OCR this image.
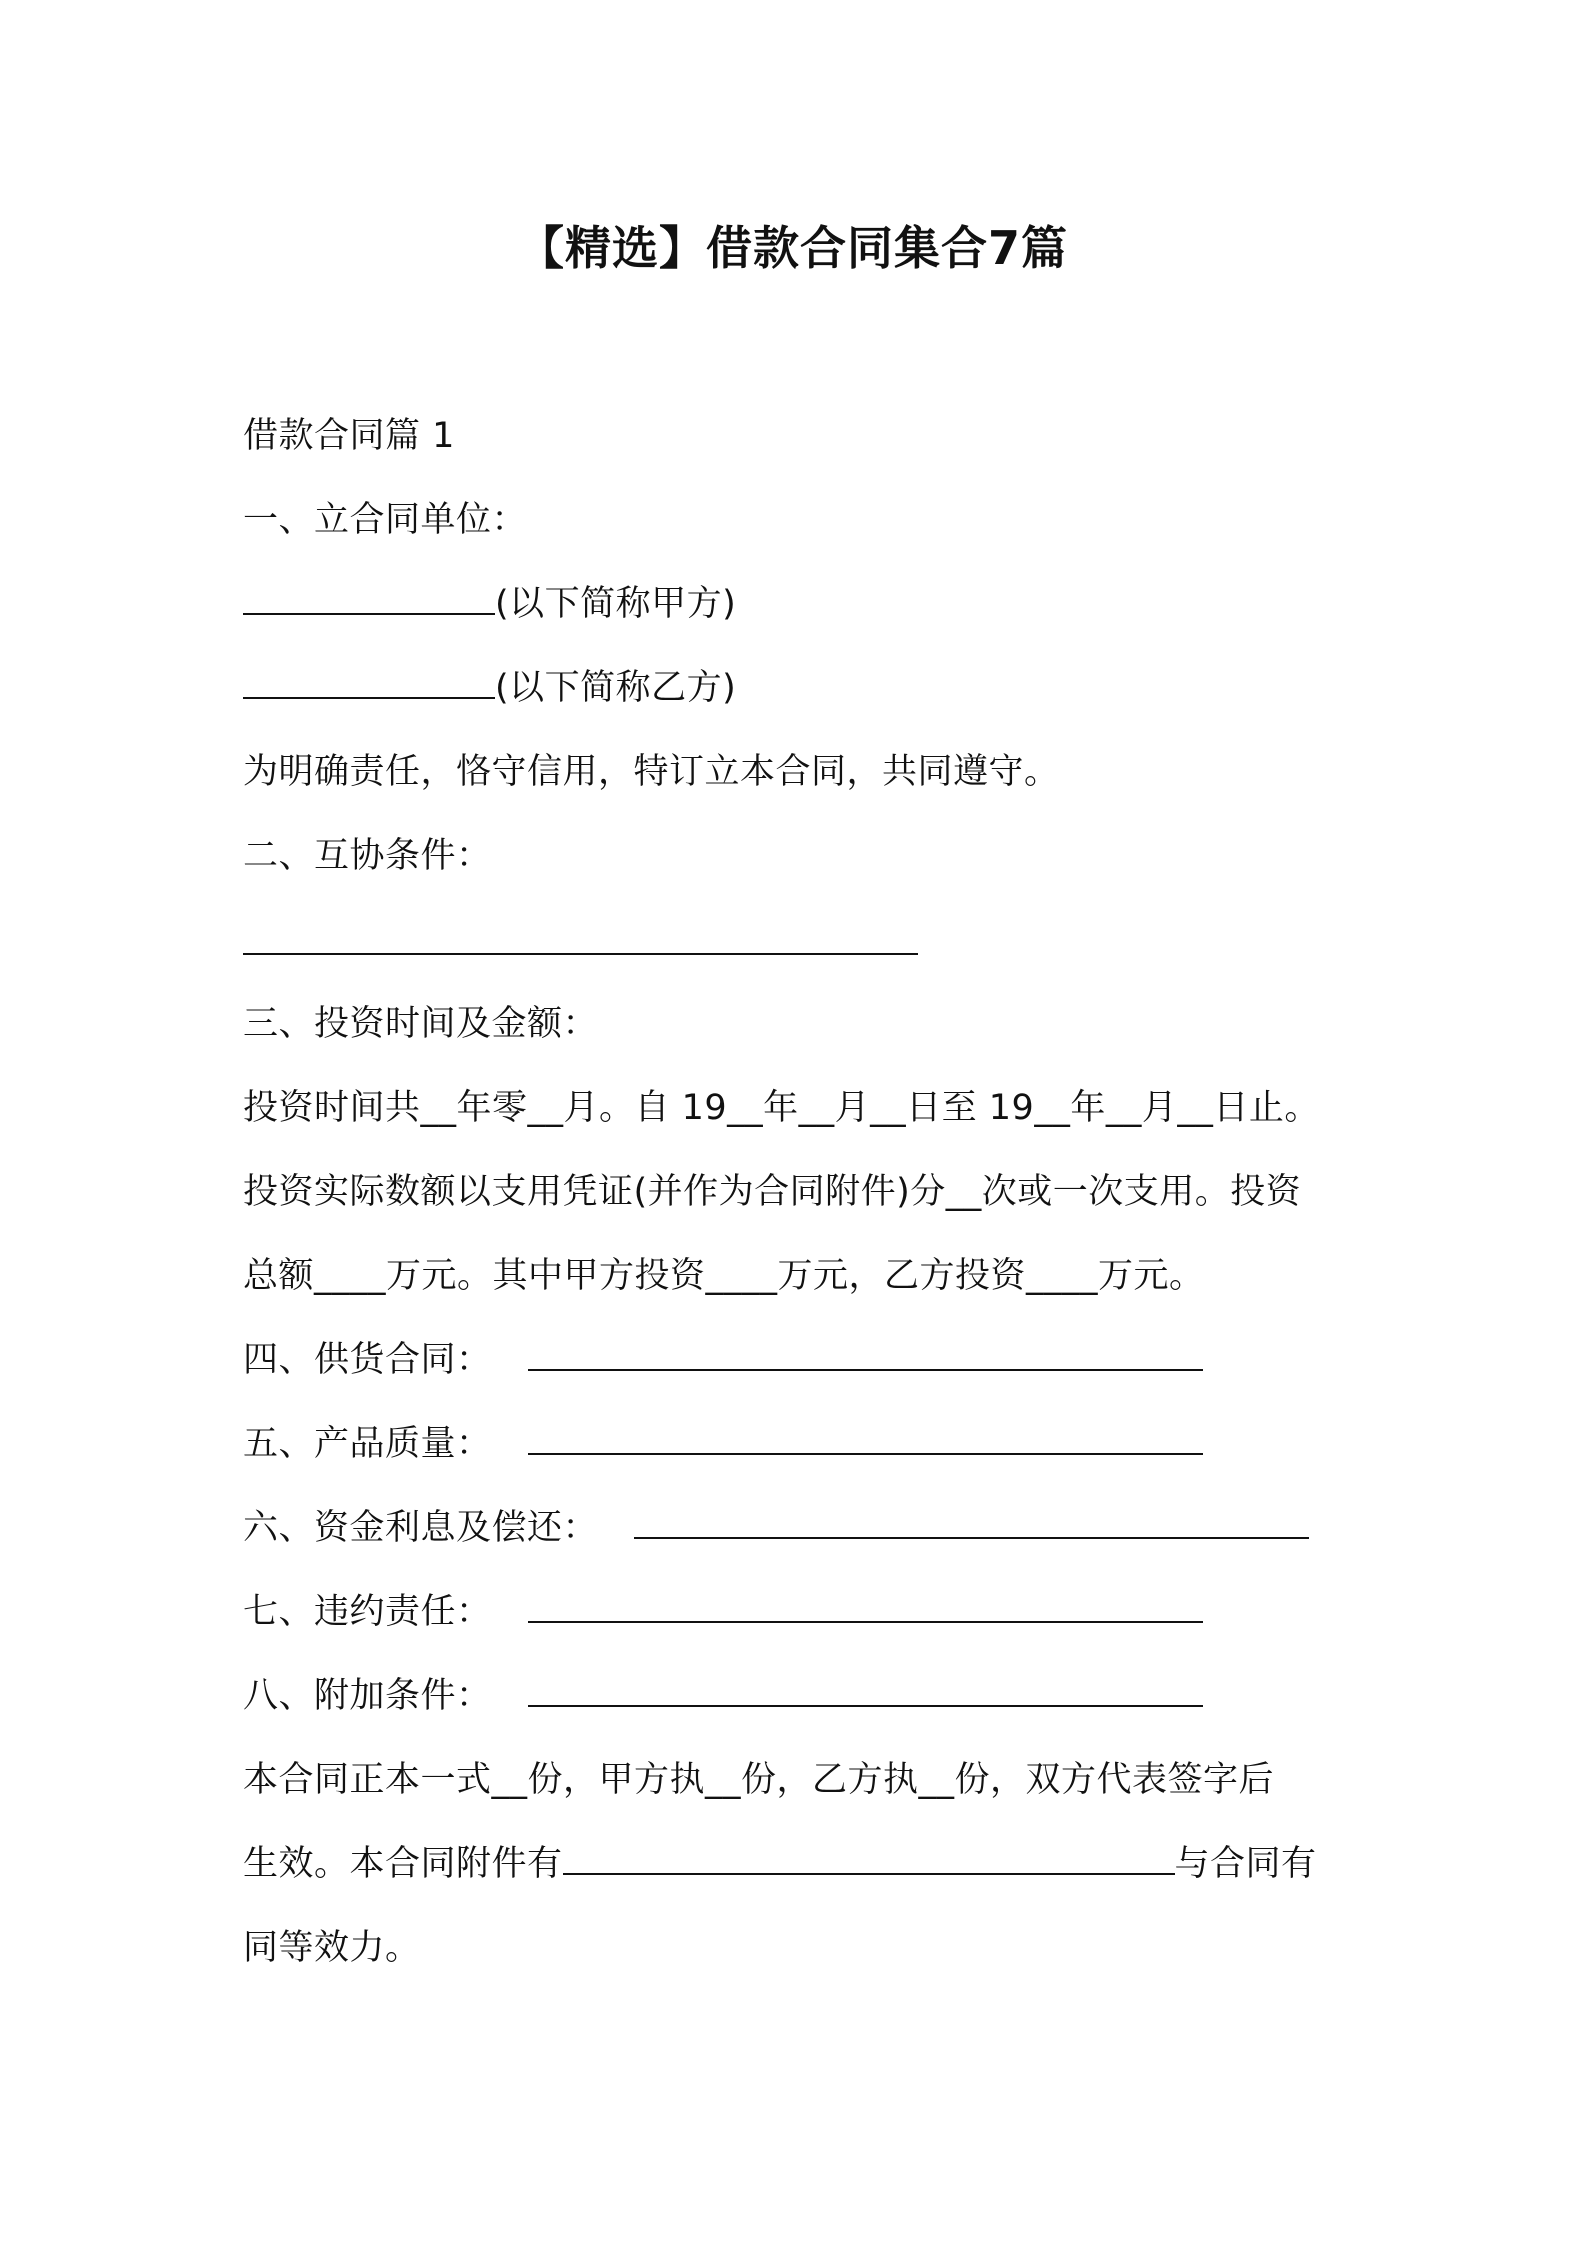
【精选】借款合同集合7篇
借款合同篇 1
一、立合同单位：
(以下简称甲方)
(以下简称乙方)
为明确责任，恪守信用，特订立本合同，共同遵守。
二、互协条件：
三、投资时间及金额：
投资时间共__年零__月。自 19__年__月__日至 19__年__月__日止。
投资实际数额以支用凭证(并作为合同附件)分__次或一次支用。投资
总额____万元。其中甲方投资____万元，乙方投资____万元。
四、供货合同：
五、产品质量：
六、资金利息及偿还：
七、违约责任：
八、附加条件：
本合同正本一式__份，甲方执__份，乙方执__份，双方代表签字后
生效。本合同附件有	与合同有
同等效力。
